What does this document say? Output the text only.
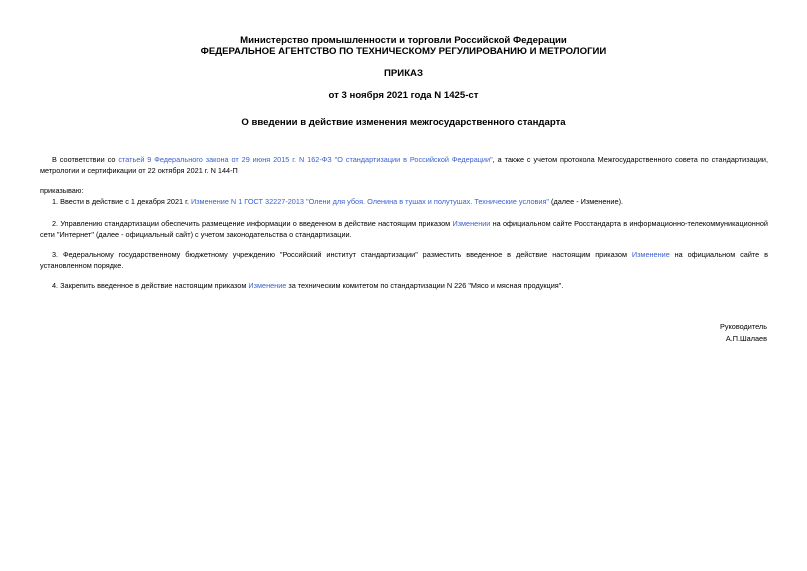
Министерство промышленности и торговли Российской Федерации
ФЕДЕРАЛЬНОЕ АГЕНТСТВО ПО ТЕХНИЧЕСКОМУ РЕГУЛИРОВАНИЮ И МЕТРОЛОГИИ
ПРИКАЗ
от 3 ноября 2021 года N 1425-ст
О введении в действие изменения межгосударственного стандарта
В соответствии со статьей 9 Федерального закона от 29 июня 2015 г. N 162-ФЗ "О стандартизации в Российской Федерации", а также с учетом протокола Межгосударственного совета по стандартизации, метрологии и сертификации от 22 октября 2021 г. N 144-П
приказываю:
1. Ввести в действие с 1 декабря 2021 г. Изменение N 1 ГОСТ 32227-2013 "Олени для убоя. Оленина в тушах и полутушах. Технические условия" (далее - Изменение).
2. Управлению стандартизации обеспечить размещение информации о введенном в действие настоящим приказом Изменении на официальном сайте Росстандарта в информационно-телекоммуникационной сети "Интернет" (далее - официальный сайт) с учетом законодательства о стандартизации.
3. Федеральному государственному бюджетному учреждению "Российский институт стандартизации" разместить введенное в действие настоящим приказом Изменение на официальном сайте в установленном порядке.
4. Закрепить введенное в действие настоящим приказом Изменение за техническим комитетом по стандартизации N 226 "Мясо и мясная продукция".
Руководитель
А.П.Шалаев
